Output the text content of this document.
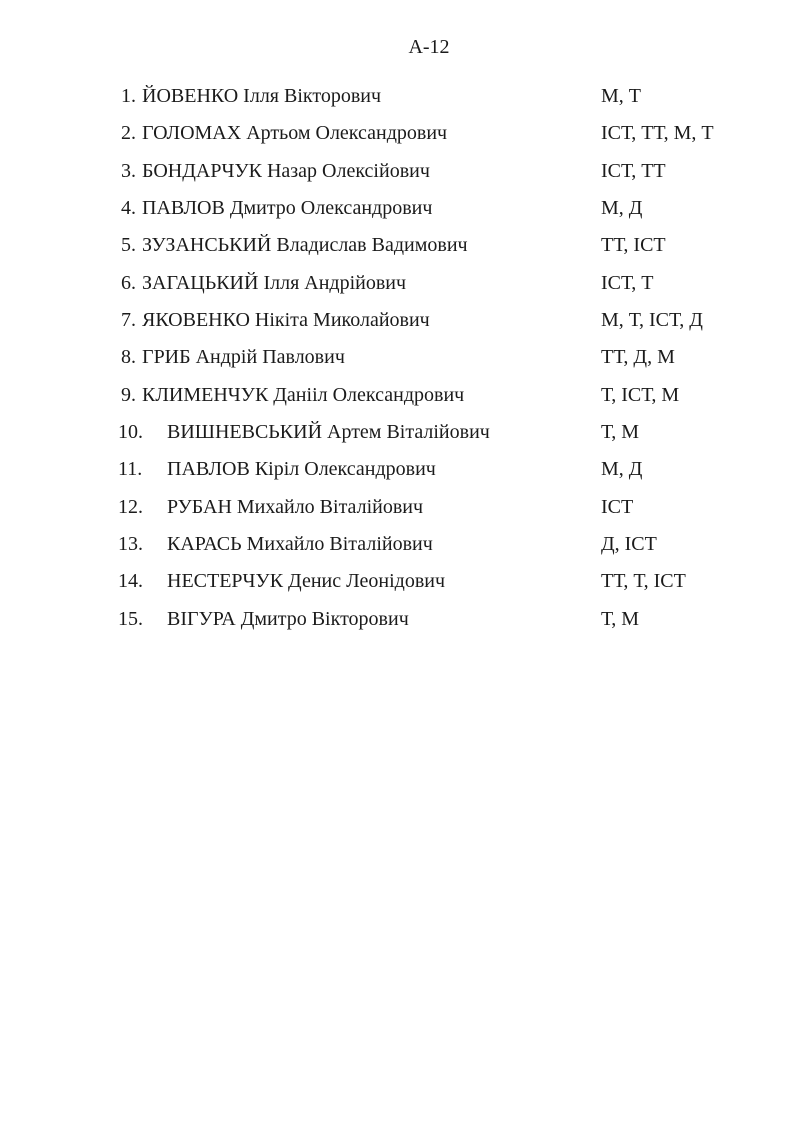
А-12
1. ЙОВЕНКО Ілля Вікторович	М, Т
2. ГОЛОМАХ Артьом Олександрович	ІСТ, ТТ, М, Т
3. БОНДАРЧУК Назар Олексійович	ІСТ, ТТ
4. ПАВЛОВ Дмитро Олександрович	М, Д
5. ЗУЗАНСЬКИЙ Владислав Вадимович	ТТ, ІСТ
6. ЗАГАЦЬКИЙ Ілля Андрійович	ІСТ, Т
7. ЯКОВЕНКО Нікіта Миколайович	М, Т, ІСТ, Д
8. ГРИБ Андрій Павлович	ТТ, Д, М
9. КЛИМЕНЧУК Данііл Олександрович	Т, ІСТ, М
10. ВИШНЕВСЬКИЙ Артем Віталійович	Т, М
11. ПАВЛОВ Кіріл Олександрович	М, Д
12. РУБАН Михайло Віталійович	ІСТ
13. КАРАСЬ Михайло Віталійович	Д, ІСТ
14. НЕСТЕРЧУК Денис Леонідович	ТТ, Т, ІСТ
15. ВІГУРА Дмитро Вікторович	Т, М
